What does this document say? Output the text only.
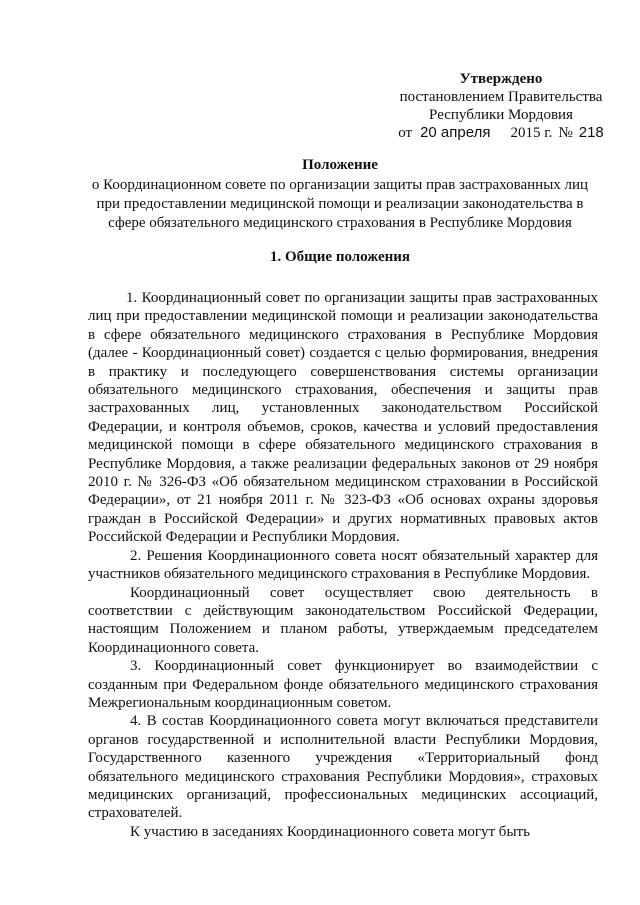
Утверждено
постановлением Правительства
Республики Мордовия
от 20 апреля 2015 г. № 218
Положение
о Координационном совете по организации защиты прав застрахованных лиц
при предоставлении медицинской помощи и реализации законодательства в
сфере обязательного медицинского страхования в Республике Мордовия
1. Общие положения

1. Координационный совет по организации защиты прав застрахованных лиц при предоставлении медицинской помощи и реализации законодательства в сфере обязательного медицинского страхования в Республике Мордовия (далее - Координационный совет) создается с целью формирования, внедрения в практику и последующего совершенствования системы организации обязательного медицинского страхования, обеспечения и защиты прав застрахованных лиц, установленных законодательством Российской Федерации, и контроля объемов, сроков, качества и условий предоставления медицинской помощи в сфере обязательного медицинского страхования в Республике Мордовия, а также реализации федеральных законов от 29 ноября 2010 г. № 326-ФЗ «Об обязательном медицинском страховании в Российской Федерации», от 21 ноября 2011 г. № 323-ФЗ «Об основах охраны здоровья граждан в Российской Федерации» и других нормативных правовых актов Российской Федерации и Республики Мордовия.

2. Решения Координационного совета носят обязательный характер для участников обязательного медицинского страхования в Республике Мордовия.

Координационный совет осуществляет свою деятельность в соответствии с действующим законодательством Российской Федерации, настоящим Положением и планом работы, утверждаемым председателем Координационного совета.

3. Координационный совет функционирует во взаимодействии с созданным при Федеральном фонде обязательного медицинского страхования Межрегиональным координационным советом.

4. В состав Координационного совета могут включаться представители органов государственной и исполнительной власти Республики Мордовия, Государственного казенного учреждения «Территориальный фонд обязательного медицинского страхования Республики Мордовия», страховых медицинских организаций, профессиональных медицинских ассоциаций, страхователей.

К участию в заседаниях Координационного совета могут быть
